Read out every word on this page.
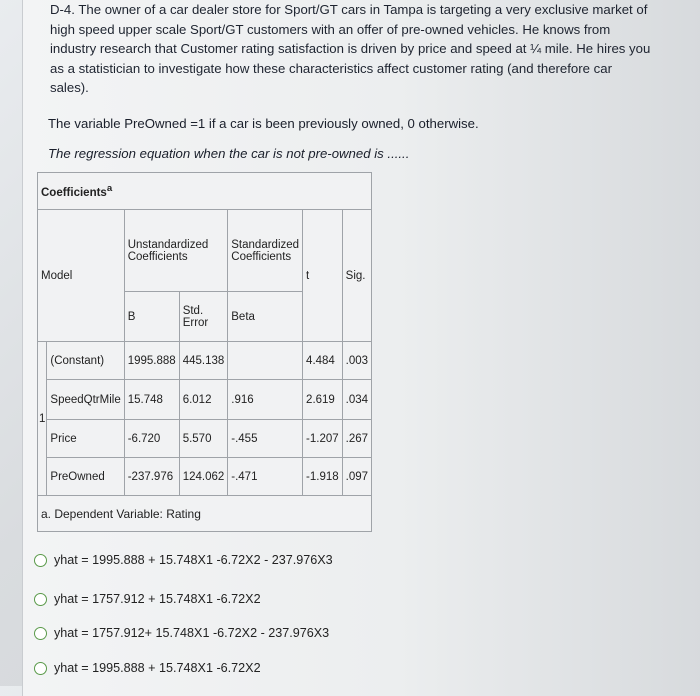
D-4. The owner of a car dealer store for Sport/GT cars in Tampa is targeting a very exclusive market of

high speed upper scale Sport/GT customers with an offer of pre-owned vehicles. He knows from

industry research that Customer rating satisfaction is driven by price and speed at ¼ mile. He hires you

as a statistician to investigate how these characteristics affect customer rating (and therefore car

sales).

The variable PreOwned =1 if a car is been previously owned, 0 otherwise.
The regression equation when the car is not pre-owned is ......
Coefficients$^a$
Model		Unstandardized Coefficients		Standardized Coefficients	t	Sig.
		B	Std. Error	Beta		
1	(Constant)	1995.888	445.138		4.484	.003
	SpeedQtrMile	15.748	6.012	.916	2.619	.034
	Price	-6.720	5.570	-.455	-1.207	.267
	PreOwned	-237.976	124.062	-.471	-1.918	.097
a. Dependent Variable: Rating						
yhat = 1995.888 + 15.748X1 -6.72X2 - 237.976X3
yhat = 1757.912 + 15.748X1 -6.72X2
yhat = 1757.912+ 15.748X1 -6.72X2 - 237.976X3
yhat = 1995.888 + 15.748X1 -6.72X2
